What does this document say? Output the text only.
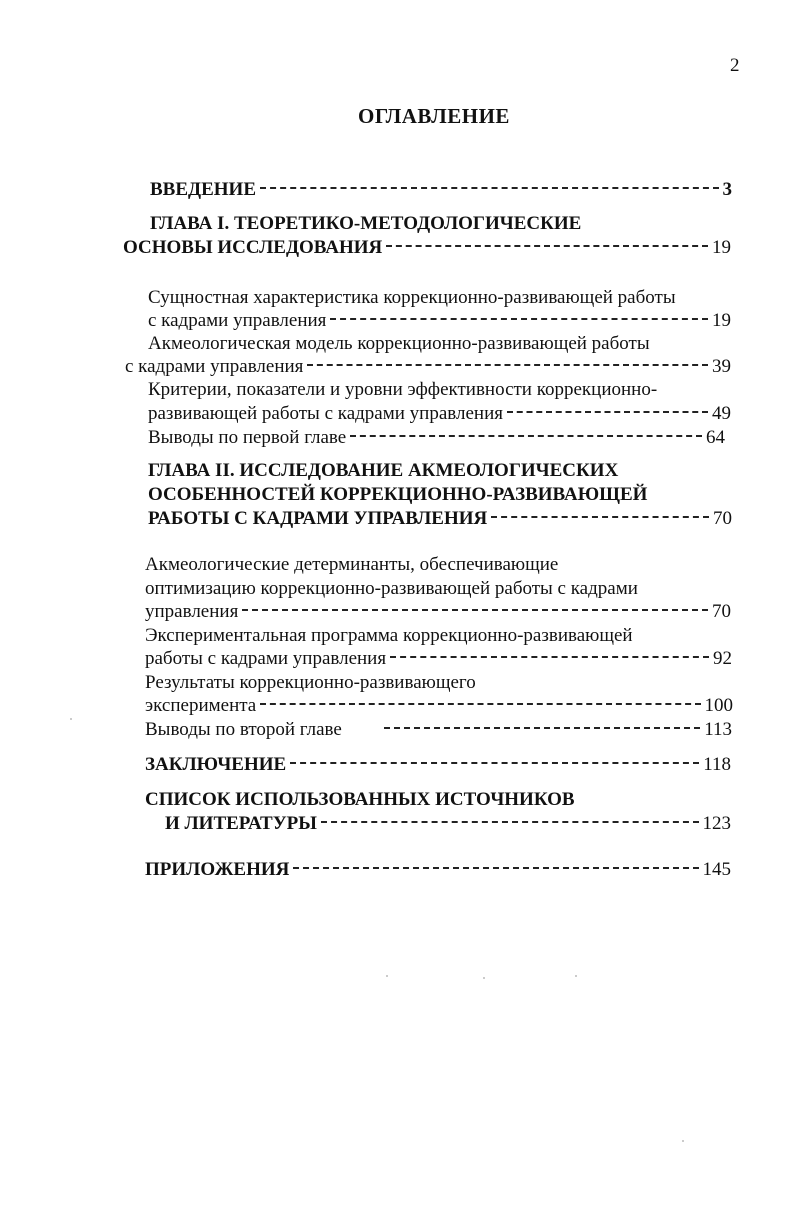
2
ОГЛАВЛЕНИЕ
ВВЕДЕНИЕ	3
ГЛАВА I. ТЕОРЕТИКО-МЕТОДОЛОГИЧЕСКИЕ
ОСНОВЫ ИССЛЕДОВАНИЯ	19
Сущностная характеристика коррекционно-развивающей работы
с кадрами управления	19
Акмеологическая модель коррекционно-развивающей работы
с кадрами управления	39
Критерии, показатели и уровни эффективности коррекционно-
развивающей работы с кадрами управления	49
Выводы по первой главе	64
ГЛАВА II. ИССЛЕДОВАНИЕ АКМЕОЛОГИЧЕСКИХ
ОСОБЕННОСТЕЙ КОРРЕКЦИОННО-РАЗВИВАЮЩЕЙ
РАБОТЫ С КАДРАМИ УПРАВЛЕНИЯ	70
Акмеологические детерминанты, обеспечивающие
оптимизацию коррекционно-развивающей работы с кадрами
управления	70
Экспериментальная программа коррекционно-развивающей
работы с кадрами управления	92
Результаты коррекционно-развивающего
эксперимента	100
Выводы по второй главе	113
ЗАКЛЮЧЕНИЕ	118
СПИСОК ИСПОЛЬЗОВАННЫХ ИСТОЧНИКОВ
И ЛИТЕРАТУРЫ	123
ПРИЛОЖЕНИЯ	145
